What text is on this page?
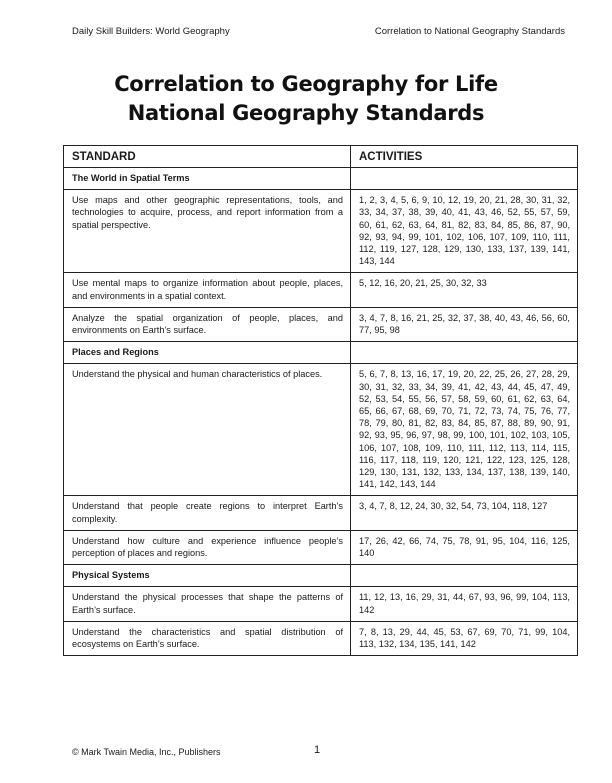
Daily Skill Builders: World Geography	Correlation to National Geography Standards
Correlation to Geography for Life
National Geography Standards
STANDARD	ACTIVITIES
The World in Spatial Terms	
Use maps and other geographic representations, tools, and technologies to acquire, process, and report information from a spatial perspective.	1, 2, 3, 4, 5, 6, 9, 10, 12, 19, 20, 21, 28, 30, 31, 32, 33, 34, 37, 38, 39, 40, 41, 43, 46, 52, 55, 57, 59, 60, 61, 62, 63, 64, 81, 82, 83, 84, 85, 86, 87, 90, 92, 93, 94, 99, 101, 102, 106, 107, 109, 110, 111, 112, 119, 127, 128, 129, 130, 133, 137, 139, 141, 143, 144
Use mental maps to organize information about people, places, and environments in a spatial context.	5, 12, 16, 20, 21, 25, 30, 32, 33
Analyze the spatial organization of people, places, and environments on Earth’s surface.	3, 4, 7, 8, 16, 21, 25, 32, 37, 38, 40, 43, 46, 56, 60, 77, 95, 98
Places and Regions	
Understand the physical and human characteristics of places.	5, 6, 7, 8, 13, 16, 17, 19, 20, 22, 25, 26, 27, 28, 29, 30, 31, 32, 33, 34, 39, 41, 42, 43, 44, 45, 47, 49, 52, 53, 54, 55, 56, 57, 58, 59, 60, 61, 62, 63, 64, 65, 66, 67, 68, 69, 70, 71, 72, 73, 74, 75, 76, 77, 78, 79, 80, 81, 82, 83, 84, 85, 87, 88, 89, 90, 91, 92, 93, 95, 96, 97, 98, 99, 100, 101, 102, 103, 105, 106, 107, 108, 109, 110, 111, 112, 113, 114, 115, 116, 117, 118, 119, 120, 121, 122, 123, 125, 128, 129, 130, 131, 132, 133, 134, 137, 138, 139, 140, 141, 142, 143, 144
Understand that people create regions to interpret Earth’s complexity.	3, 4, 7, 8, 12, 24, 30, 32, 54, 73, 104, 118, 127
Understand how culture and experience influence people’s perception of places and regions.	17, 26, 42, 66, 74, 75, 78, 91, 95, 104, 116, 125, 140
Physical Systems	
Understand the physical processes that shape the patterns of Earth’s surface.	11, 12, 13, 16, 29, 31, 44, 67, 93, 96, 99, 104, 113, 142
Understand the characteristics and spatial distribution of ecosystems on Earth’s surface.	7, 8, 13, 29, 44, 45, 53, 67, 69, 70, 71, 99, 104, 113, 132, 134, 135, 141, 142
© Mark Twain Media, Inc., Publishers	1
